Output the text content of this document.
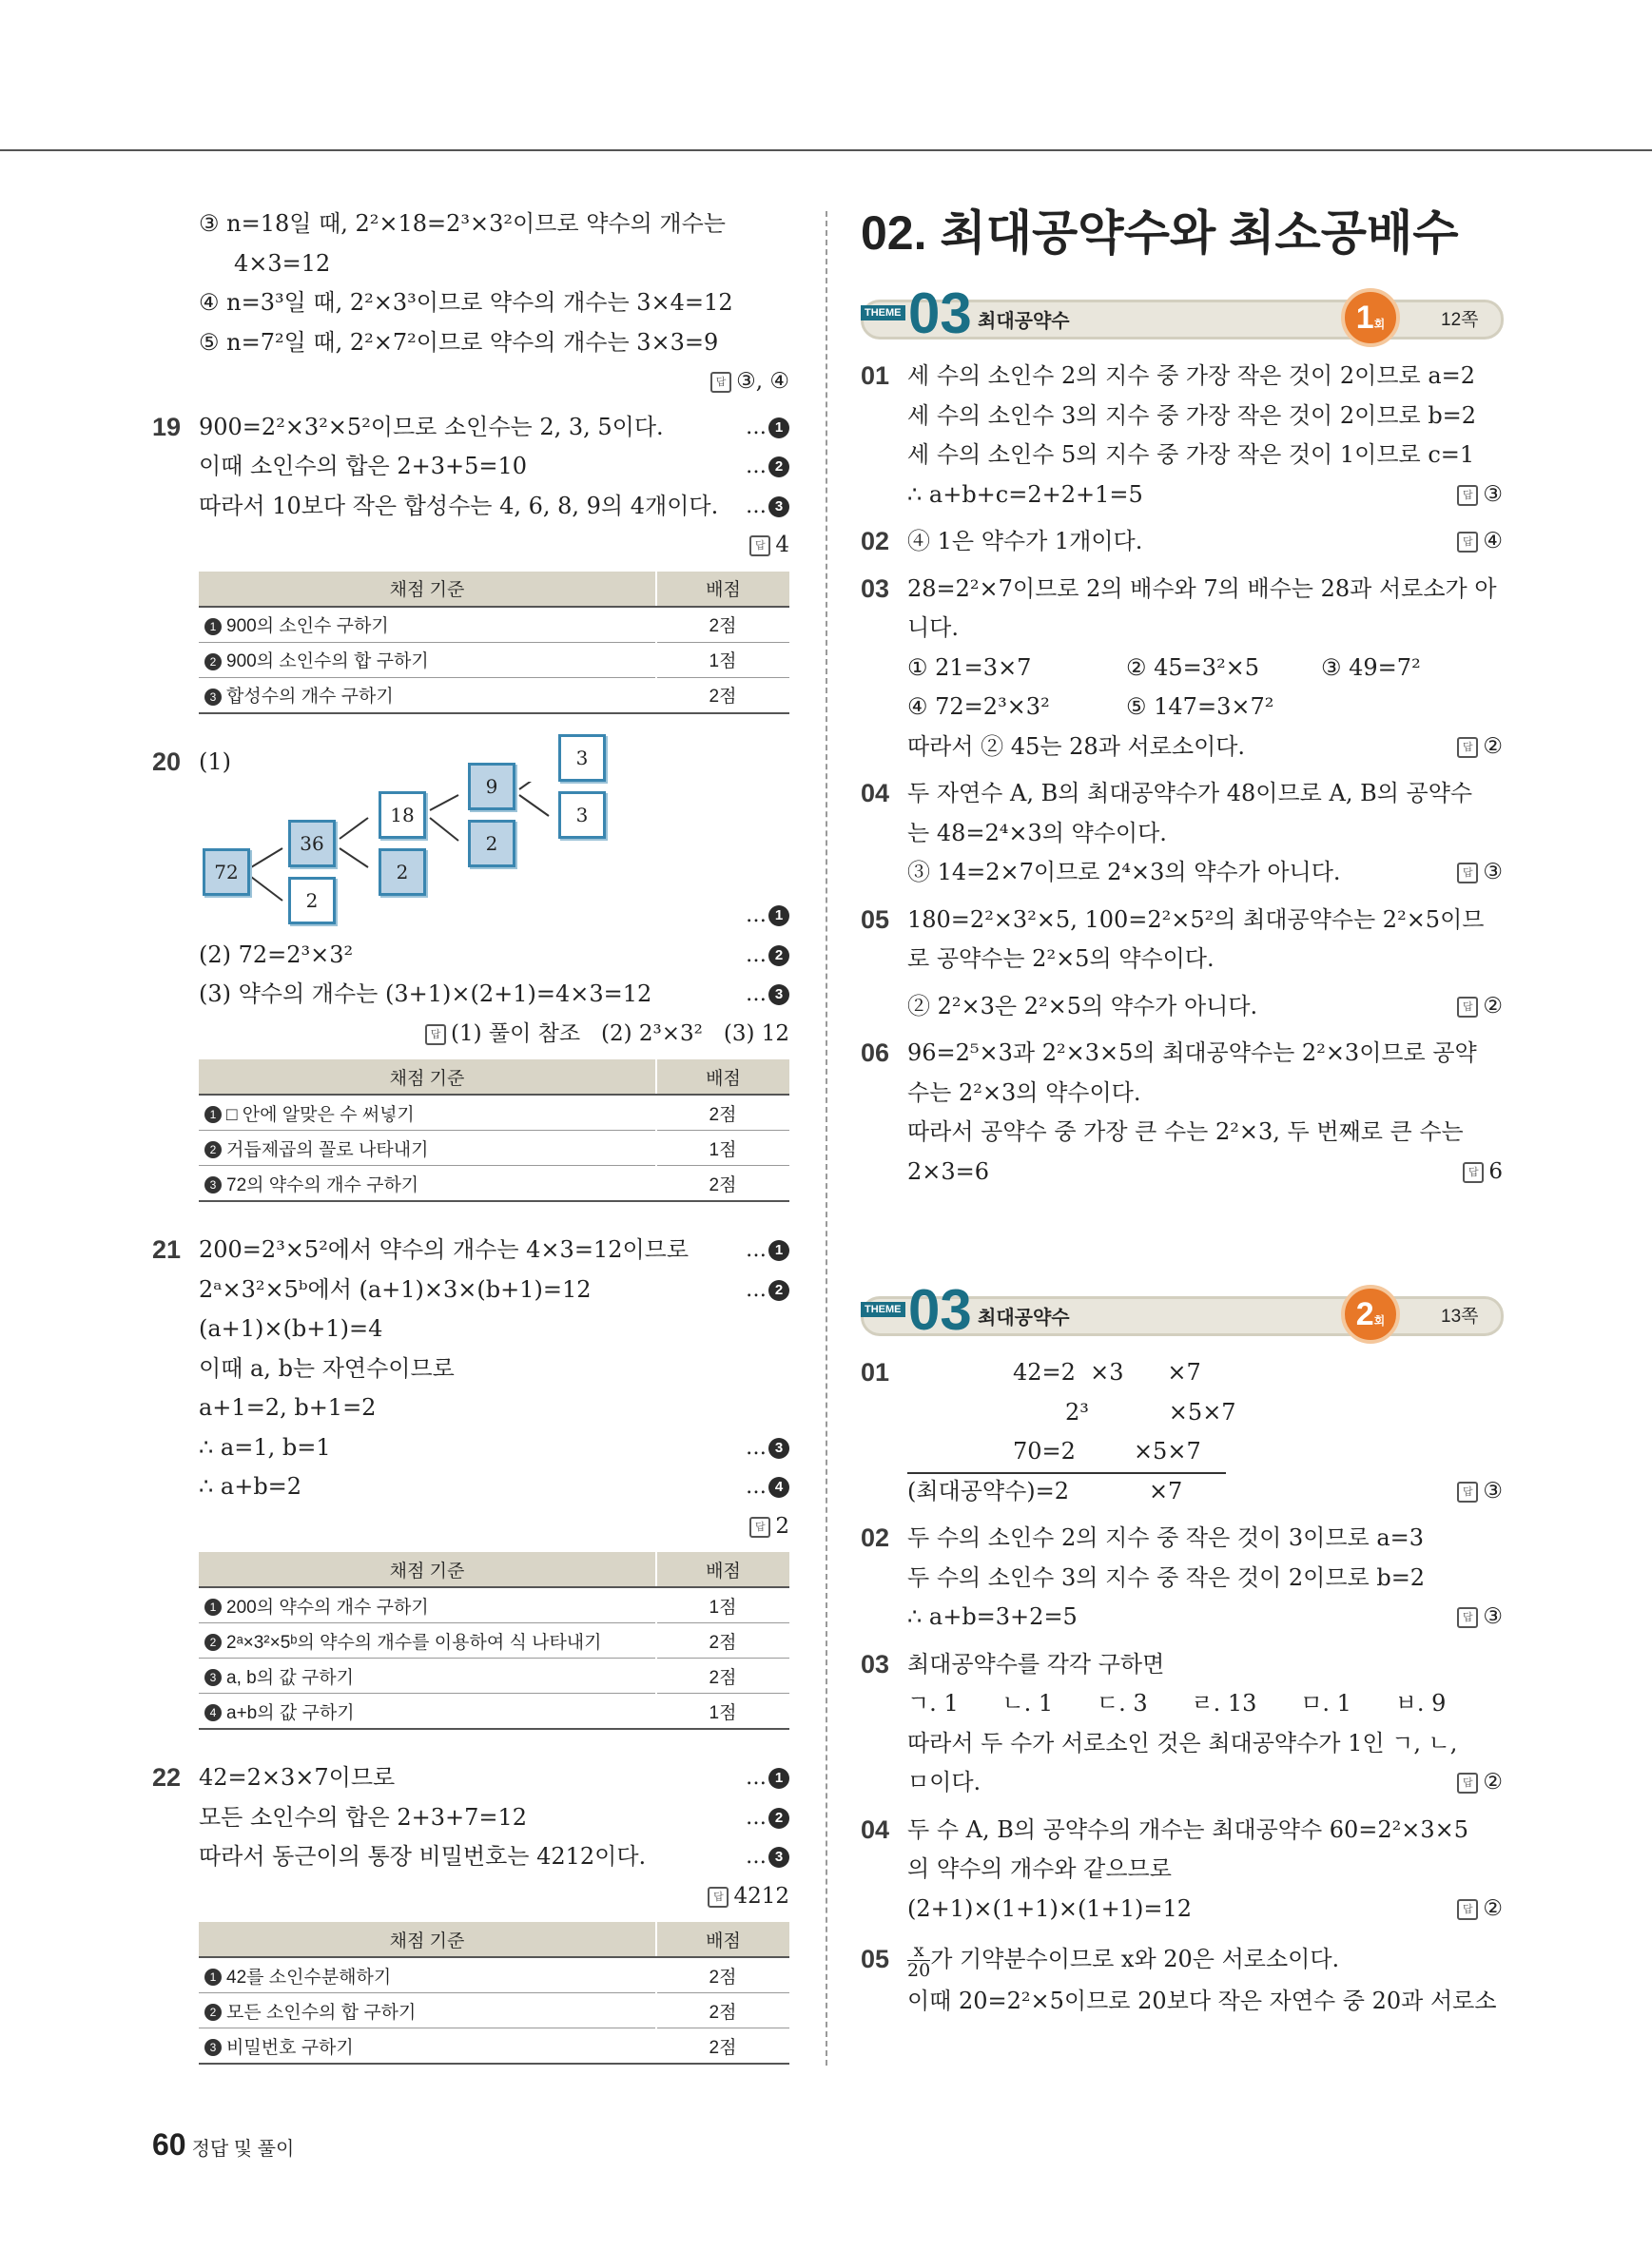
③ n=18일 때, 2²×18=2³×3²이므로 약수의 개수는
4×3=12
④ n=3³일 때, 2²×3³이므로 약수의 개수는 3×4=12
⑤ n=7²일 때, 2²×7²이므로 약수의 개수는 3×3=9
답 ③, ④
19 900=2²×3²×5²이므로 소인수는 2, 3, 5이다.	… 1
이때 소인수의 합은 2+3+5=10	… 2
따라서 10보다 작은 합성수는 4, 6, 8, 9의 4개이다. … 3
답 4
채점 기준	배점
1 900의 소인수 구하기	2점
2 900의 소인수의 합 구하기	1점
3 합성수의 개수 구하기	2점
20 (1)
72
36
2
18
2
9
2
3
3
… 1
(2) 72=2³×3²	… 2
(3) 약수의 개수는 (3+1)×(2+1)=4×3=12	… 3
답 (1) 풀이 참조   (2) 2³×3²   (3) 12
채점 기준	배점
1 □ 안에 알맞은 수 써넣기	2점
2 거듭제곱의 꼴로 나타내기	1점
3 72의 약수의 개수 구하기	2점
21 200=2³×5²에서 약수의 개수는 4×3=12이므로	… 1
2ᵃ×3²×5ᵇ에서 (a+1)×3×(b+1)=12	… 2
(a+1)×(b+1)=4
이때 a, b는 자연수이므로
a+1=2, b+1=2
∴ a=1, b=1	… 3
∴ a+b=2	… 4
답 2
채점 기준	배점
1 200의 약수의 개수 구하기	1점
2 2ᵃ×3²×5ᵇ의 약수의 개수를 이용하여 식 나타내기	2점
3 a, b의 값 구하기	2점
4 a+b의 값 구하기	1점
22 42=2×3×7이므로	… 1
모든 소인수의 합은 2+3+7=12	… 2
따라서 동근이의 통장 비밀번호는 4212이다.	… 3
답 4212
채점 기준	배점
1 42를 소인수분해하기	2점
2 모든 소인수의 합 구하기	2점
3 비밀번호 구하기	2점
02. 최대공약수와 최소공배수
THEME 03 최대공약수	1회	12쪽
01 세 수의 소인수 2의 지수 중 가장 작은 것이 2이므로 a=2
세 수의 소인수 3의 지수 중 가장 작은 것이 2이므로 b=2
세 수의 소인수 5의 지수 중 가장 작은 것이 1이므로 c=1
∴ a+b+c=2+2+1=5	답 ③
02 ④ 1은 약수가 1개이다.	답 ④
03 28=2²×7이므로 2의 배수와 7의 배수는 28과 서로소가 아
니다.
① 21=3×7	② 45=3²×5	③ 49=7²
④ 72=2³×3²	⑤ 147=3×7²
따라서 ② 45는 28과 서로소이다.	답 ②
04 두 자연수 A, B의 최대공약수가 48이므로 A, B의 공약수
는 48=2⁴×3의 약수이다.
③ 14=2×7이므로 2⁴×3의 약수가 아니다.	답 ③
05 180=2²×3²×5, 100=2²×5²의 최대공약수는 2²×5이므
로 공약수는 2²×5의 약수이다.
② 2²×3은 2²×5의 약수가 아니다.	답 ②
06 96=2⁵×3과 2²×3×5의 최대공약수는 2²×3이므로 공약
수는 2²×3의 약수이다.
따라서 공약수 중 가장 큰 수는 2²×3, 두 번째로 큰 수는
2×3=6	답 6
THEME 03 최대공약수	2회	13쪽
01	42=2  ×3      ×7
2³           ×5×7
70=2        ×5×7
(최대공약수)=2           ×7	답 ③
02 두 수의 소인수 2의 지수 중 작은 것이 3이므로 a=3
두 수의 소인수 3의 지수 중 작은 것이 2이므로 b=2
∴ a+b=3+2=5	답 ③
03 최대공약수를 각각 구하면
ㄱ. 1      ㄴ. 1      ㄷ. 3      ㄹ. 13      ㅁ. 1      ㅂ. 9
따라서 두 수가 서로소인 것은 최대공약수가 1인 ㄱ, ㄴ,
ㅁ이다.	답 ②
04 두 수 A, B의 공약수의 개수는 최대공약수 60=2²×3×5
의 약수의 개수와 같으므로
(2+1)×(1+1)×(1+1)=12	답 ②
$05 \frac{x}{20}$ 가 기약분수이므로 x와 20은 서로소이다.
이때 20=2²×5이므로 20보다 작은 자연수 중 20과 서로소
60 정답 및 풀이
